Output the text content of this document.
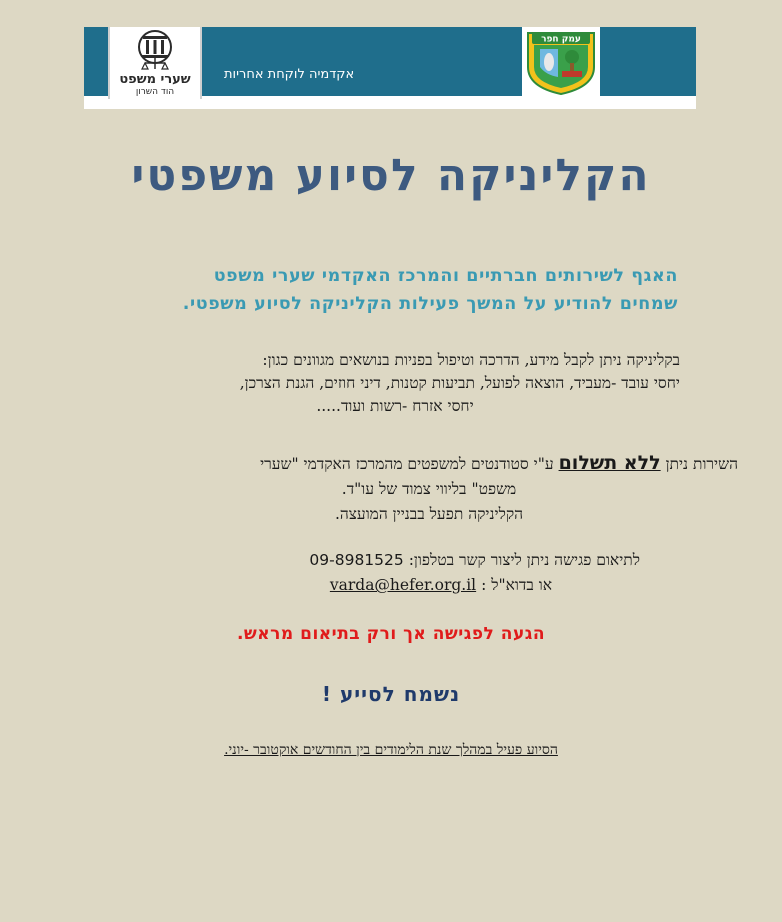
שערי משפט
הוד השרון
אקדמיה לוקחת אחריות
עמק חפר
הקליניקה לסיוע משפטי
האגף לשירותים חברתיים והמרכז האקדמי שערי משפט
שמחים להודיע על המשך פעילות הקליניקה לסיוע משפטי.
בקליניקה ניתן לקבל מידע, הדרכה וטיפול בפניות בנושאים מגוונים כגון:
יחסי עובד -מעביד, הוצאה לפועל, תביעות קטנות, דיני חוזים, הגנת הצרכן,
יחסי אזרח -רשות ועוד.....
השירות ניתן ללא תשלום ע"י סטודנטים למשפטים מהמרכז האקדמי "שערי
משפט" בליווי צמוד של עו"ד.
הקליניקה תפעל בבניין המועצה.
לתיאום פגישה ניתן ליצור קשר בטלפון: 09-8981525
או בדוא"ל : varda@hefer.org.il
הגעה לפגישה אך ורק בתיאום מראש.
נשמח לסייע !
הסיוע פעיל במהלך שנת הלימודים בין החודשים אוקטובר -יוני.
